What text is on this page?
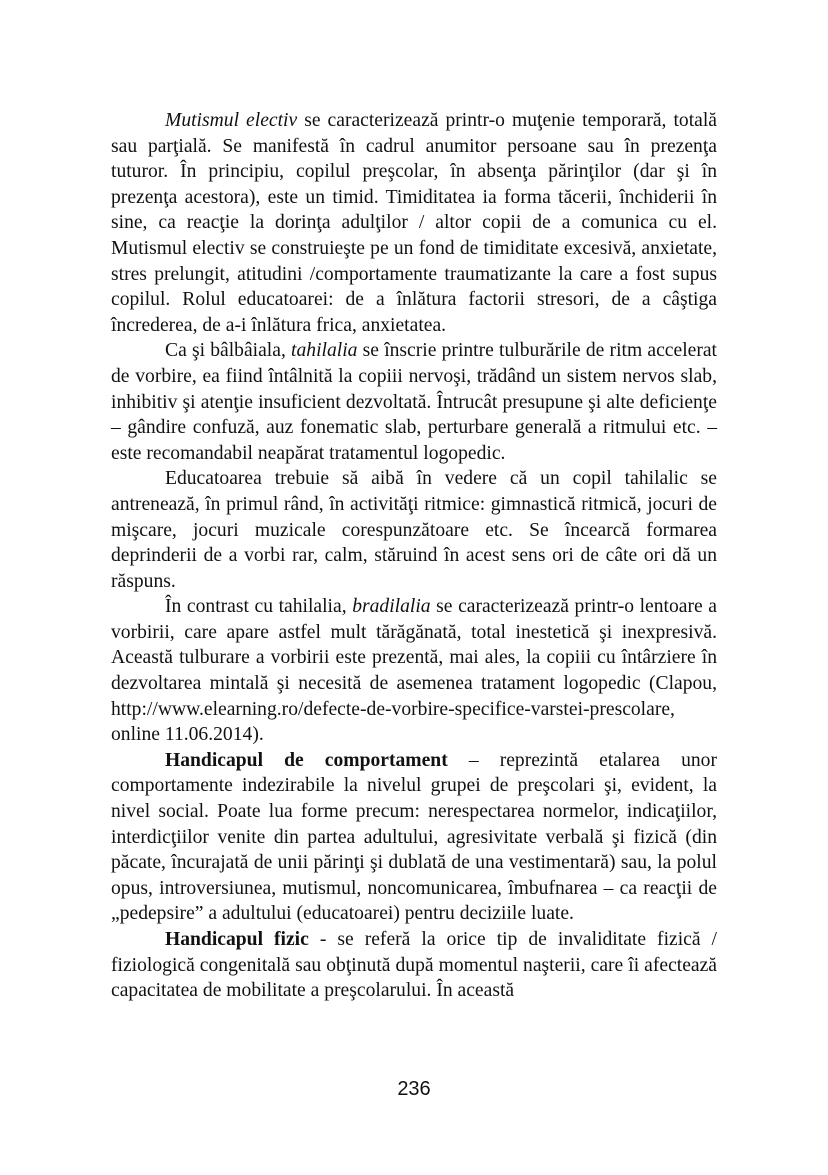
Mutismul electiv se caracterizează printr-o muţenie temporară, totală sau parţială. Se manifestă în cadrul anumitor persoane sau în prezenţa tuturor. În principiu, copilul preşcolar, în absenţa părinţilor (dar şi în prezenţa acestora), este un timid. Timiditatea ia forma tăcerii, închiderii în sine, ca reacţie la dorinţa adulţilor / altor copii de a comunica cu el. Mutismul electiv se construieşte pe un fond de timiditate excesivă, anxietate, stres prelungit, atitudini /comportamente traumatizante la care a fost supus copilul. Rolul educatoarei: de a înlătura factorii stresori, de a câştiga încrederea, de a-i înlătura frica, anxietatea.

Ca şi bâlbâiala, tahilalia se înscrie printre tulburările de ritm accelerat de vorbire, ea fiind întâlnită la copiii nervoşi, trădând un sistem nervos slab, inhibitiv şi atenţie insuficient dezvoltată. Întrucât presupune şi alte deficienţe – gândire confuză, auz fonematic slab, perturbare generală a ritmului etc. – este recomandabil neapărat tratamentul logopedic.

Educatoarea trebuie să aibă în vedere că un copil tahilalic se antrenează, în primul rând, în activităţi ritmice: gimnastică ritmică, jocuri de mişcare, jocuri muzicale corespunzătoare etc. Se încearcă formarea deprinderii de a vorbi rar, calm, stăruind în acest sens ori de câte ori dă un răspuns.

În contrast cu tahilalia, bradilalia se caracterizează printr-o lentoare a vorbirii, care apare astfel mult tărăgănată, total inestetică şi inexpresivă. Această tulburare a vorbirii este prezentă, mai ales, la copiii cu întârziere în dezvoltarea mintală şi necesită de asemenea tratament logopedic (Clapou, http://www.elearning.ro/defecte-de-vorbire-specifice-varstei-prescolare, online 11.06.2014).

Handicapul de comportament – reprezintă etalarea unor comportamente indezirabile la nivelul grupei de preşcolari şi, evident, la nivel social. Poate lua forme precum: nerespectarea normelor, indicaţiilor, interdicţiilor venite din partea adultului, agresivitate verbală şi fizică (din păcate, încurajată de unii părinţi şi dublată de una vestimentară) sau, la polul opus, introversiunea, mutismul, noncomunicarea, îmbufnarea – ca reacţii de „pedepsire” a adultului (educatoarei) pentru deciziile luate.

Handicapul fizic - se referă la orice tip de invaliditate fizică / fiziologică congenitală sau obţinută după momentul naşterii, care îi afectează capacitatea de mobilitate a preşcolarului. În această

236
